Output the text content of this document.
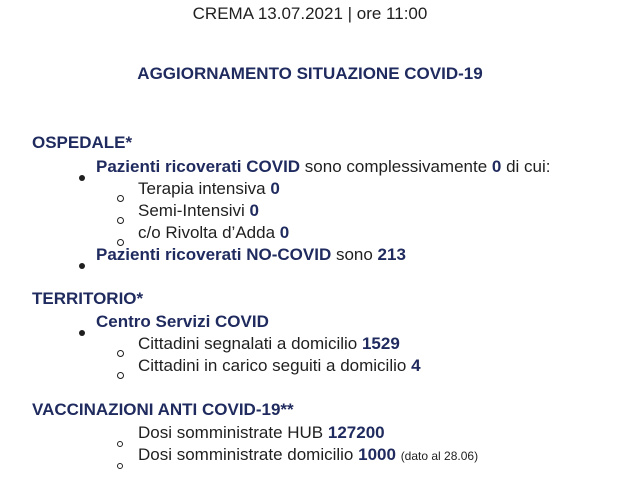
CREMA 13.07.2021 | ore 11:00
AGGIORNAMENTO SITUAZIONE COVID-19
OSPEDALE*
Pazienti ricoverati COVID sono complessivamente 0 di cui:
Terapia intensiva 0
Semi-Intensivi 0
c/o Rivolta d’Adda 0
Pazienti ricoverati NO-COVID sono 213
TERRITORIO*
Centro Servizi COVID
Cittadini segnalati a domicilio 1529
Cittadini in carico seguiti a domicilio 4
VACCINAZIONI ANTI COVID-19**
Dosi somministrate HUB 127200
Dosi somministrate domicilio 1000 (dato al 28.06)
